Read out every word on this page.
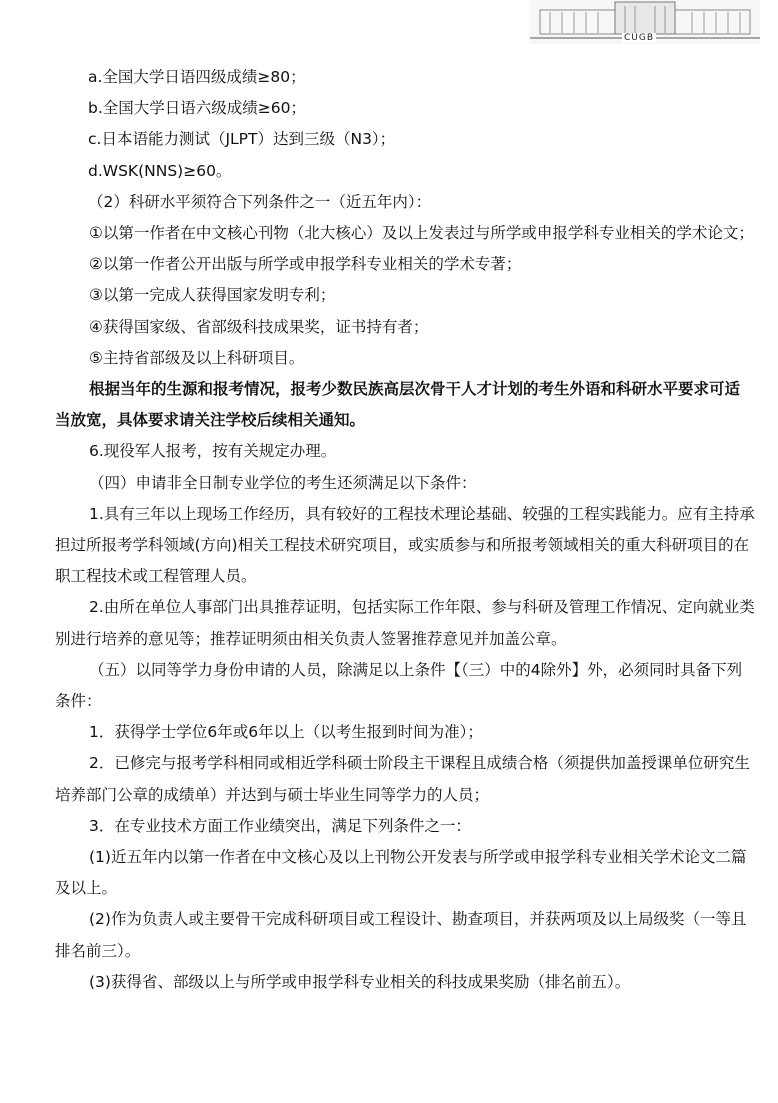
CUGB

a.全国大学日语四级成绩≥80；

b.全国大学日语六级成绩≥60；

c.日本语能力测试（JLPT）达到三级（N3）；

d.WSK(NNS)≥60。

（2）科研水平须符合下列条件之一（近五年内）：

①以第一作者在中文核心刊物（北大核心）及以上发表过与所学或申报学科专业相关的学术论文；

②以第一作者公开出版与所学或申报学科专业相关的学术专著；

③以第一完成人获得国家发明专利；

④获得国家级、省部级科技成果奖，证书持有者；

⑤主持省部级及以上科研项目。

根据当年的生源和报考情况，报考少数民族高层次骨干人才计划的考生外语和科研水平要求可适当放宽，具体要求请关注学校后续相关通知。

6.现役军人报考，按有关规定办理。

（四）申请非全日制专业学位的考生还须满足以下条件：

1.具有三年以上现场工作经历，具有较好的工程技术理论基础、较强的工程实践能力。应有主持承担过所报考学科领域(方向)相关工程技术研究项目，或实质参与和所报考领域相关的重大科研项目的在职工程技术或工程管理人员。

2.由所在单位人事部门出具推荐证明，包括实际工作年限、参与科研及管理工作情况、定向就业类别进行培养的意见等；推荐证明须由相关负责人签署推荐意见并加盖公章。

（五）以同等学力身份申请的人员，除满足以上条件【（三）中的4除外】外，必须同时具备下列条件：

1．获得学士学位6年或6年以上（以考生报到时间为准）；

2．已修完与报考学科相同或相近学科硕士阶段主干课程且成绩合格（须提供加盖授课单位研究生培养部门公章的成绩单）并达到与硕士毕业生同等学力的人员；

3．在专业技术方面工作业绩突出，满足下列条件之一：

(1)近五年内以第一作者在中文核心及以上刊物公开发表与所学或申报学科专业相关学术论文二篇及以上。

(2)作为负责人或主要骨干完成科研项目或工程设计、勘查项目，并获两项及以上局级奖（一等且排名前三）。

(3)获得省、部级以上与所学或申报学科专业相关的科技成果奖励（排名前五）。
